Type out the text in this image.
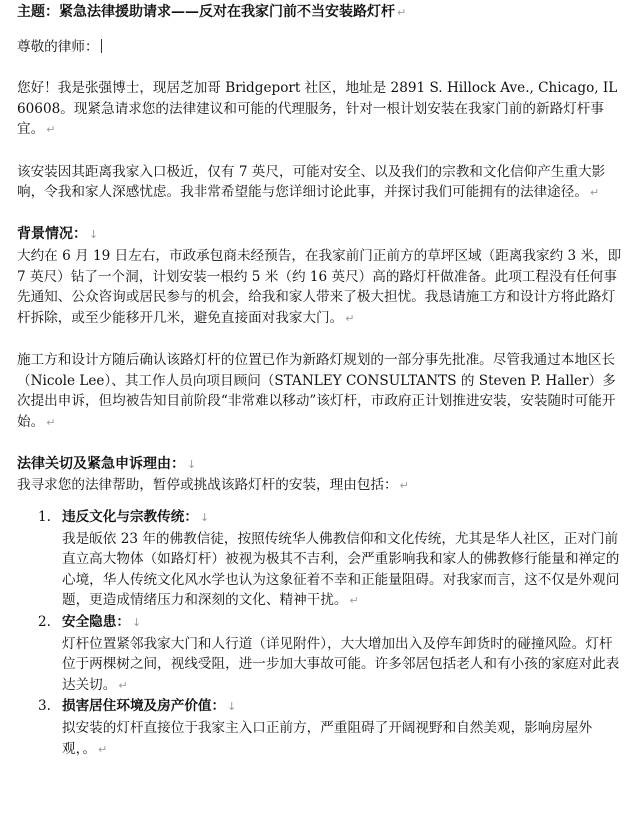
主题：紧急法律援助请求——反对在我家门前不当安装路灯杆 ↵
尊敬的律师：
您好！我是张强博士，现居芝加哥 Bridgeport 社区，地址是 2891 S. Hillock Ave., Chicago, IL 60608。现紧急请求您的法律建议和可能的代理服务，针对一根计划安装在我家门前的新路灯杆事宜。 ↵
该安装因其距离我家入口极近，仅有 7 英尺，可能对安全、以及我们的宗教和文化信仰产生重大影响，令我和家人深感忧虑。我非常希望能与您详细讨论此事，并探讨我们可能拥有的法律途径。 ↵
背景情况： ↓
大约在 6 月 19 日左右，市政承包商未经预告，在我家前门正前方的草坪区域（距离我家约 3 米，即 7 英尺）钻了一个洞，计划安装一根约 5 米（约 16 英尺）高的路灯杆做准备。此项工程没有任何事先通知、公众咨询或居民参与的机会，给我和家人带来了极大担忧。我恳请施工方和设计方将此路灯杆拆除，或至少能移开几米，避免直接面对我家大门。 ↵
施工方和设计方随后确认该路灯杆的位置已作为新路灯规划的一部分事先批准。尽管我通过本地区长（Nicole Lee）、其工作人员向项目顾问（STANLEY CONSULTANTS 的 Steven P. Haller）多次提出申诉，但均被告知目前阶段“非常难以移动”该灯杆，市政府正计划推进安装，安装随时可能开始。 ↵
法律关切及紧急申诉理由： ↓
我寻求您的法律帮助，暂停或挑战该路灯杆的安装，理由包括： ↵
1. 违反文化与宗教传统： ↓
我是皈依 23 年的佛教信徒，按照传统华人佛教信仰和文化传统，尤其是华人社区，正对门前直立高大物体（如路灯杆）被视为极其不吉利，会严重影响我和家人的佛教修行能量和禅定的心境，华人传统文化风水学也认为这象征着不幸和正能量阻碍。对我家而言，这不仅是外观问题，更造成情绪压力和深刻的文化、精神干扰。 ↵
2. 安全隐患： ↓
灯杆位置紧邻我家大门和人行道（详见附件），大大增加出入及停车卸货时的碰撞风险。灯杆位于两棵树之间，视线受阻，进一步加大事故可能。许多邻居包括老人和有小孩的家庭对此表达关切。 ↵
3. 损害居住环境及房产价值： ↓
拟安装的灯杆直接位于我家主入口正前方，严重阻碍了开阔视野和自然美观，影响房屋外观，。 ↵
